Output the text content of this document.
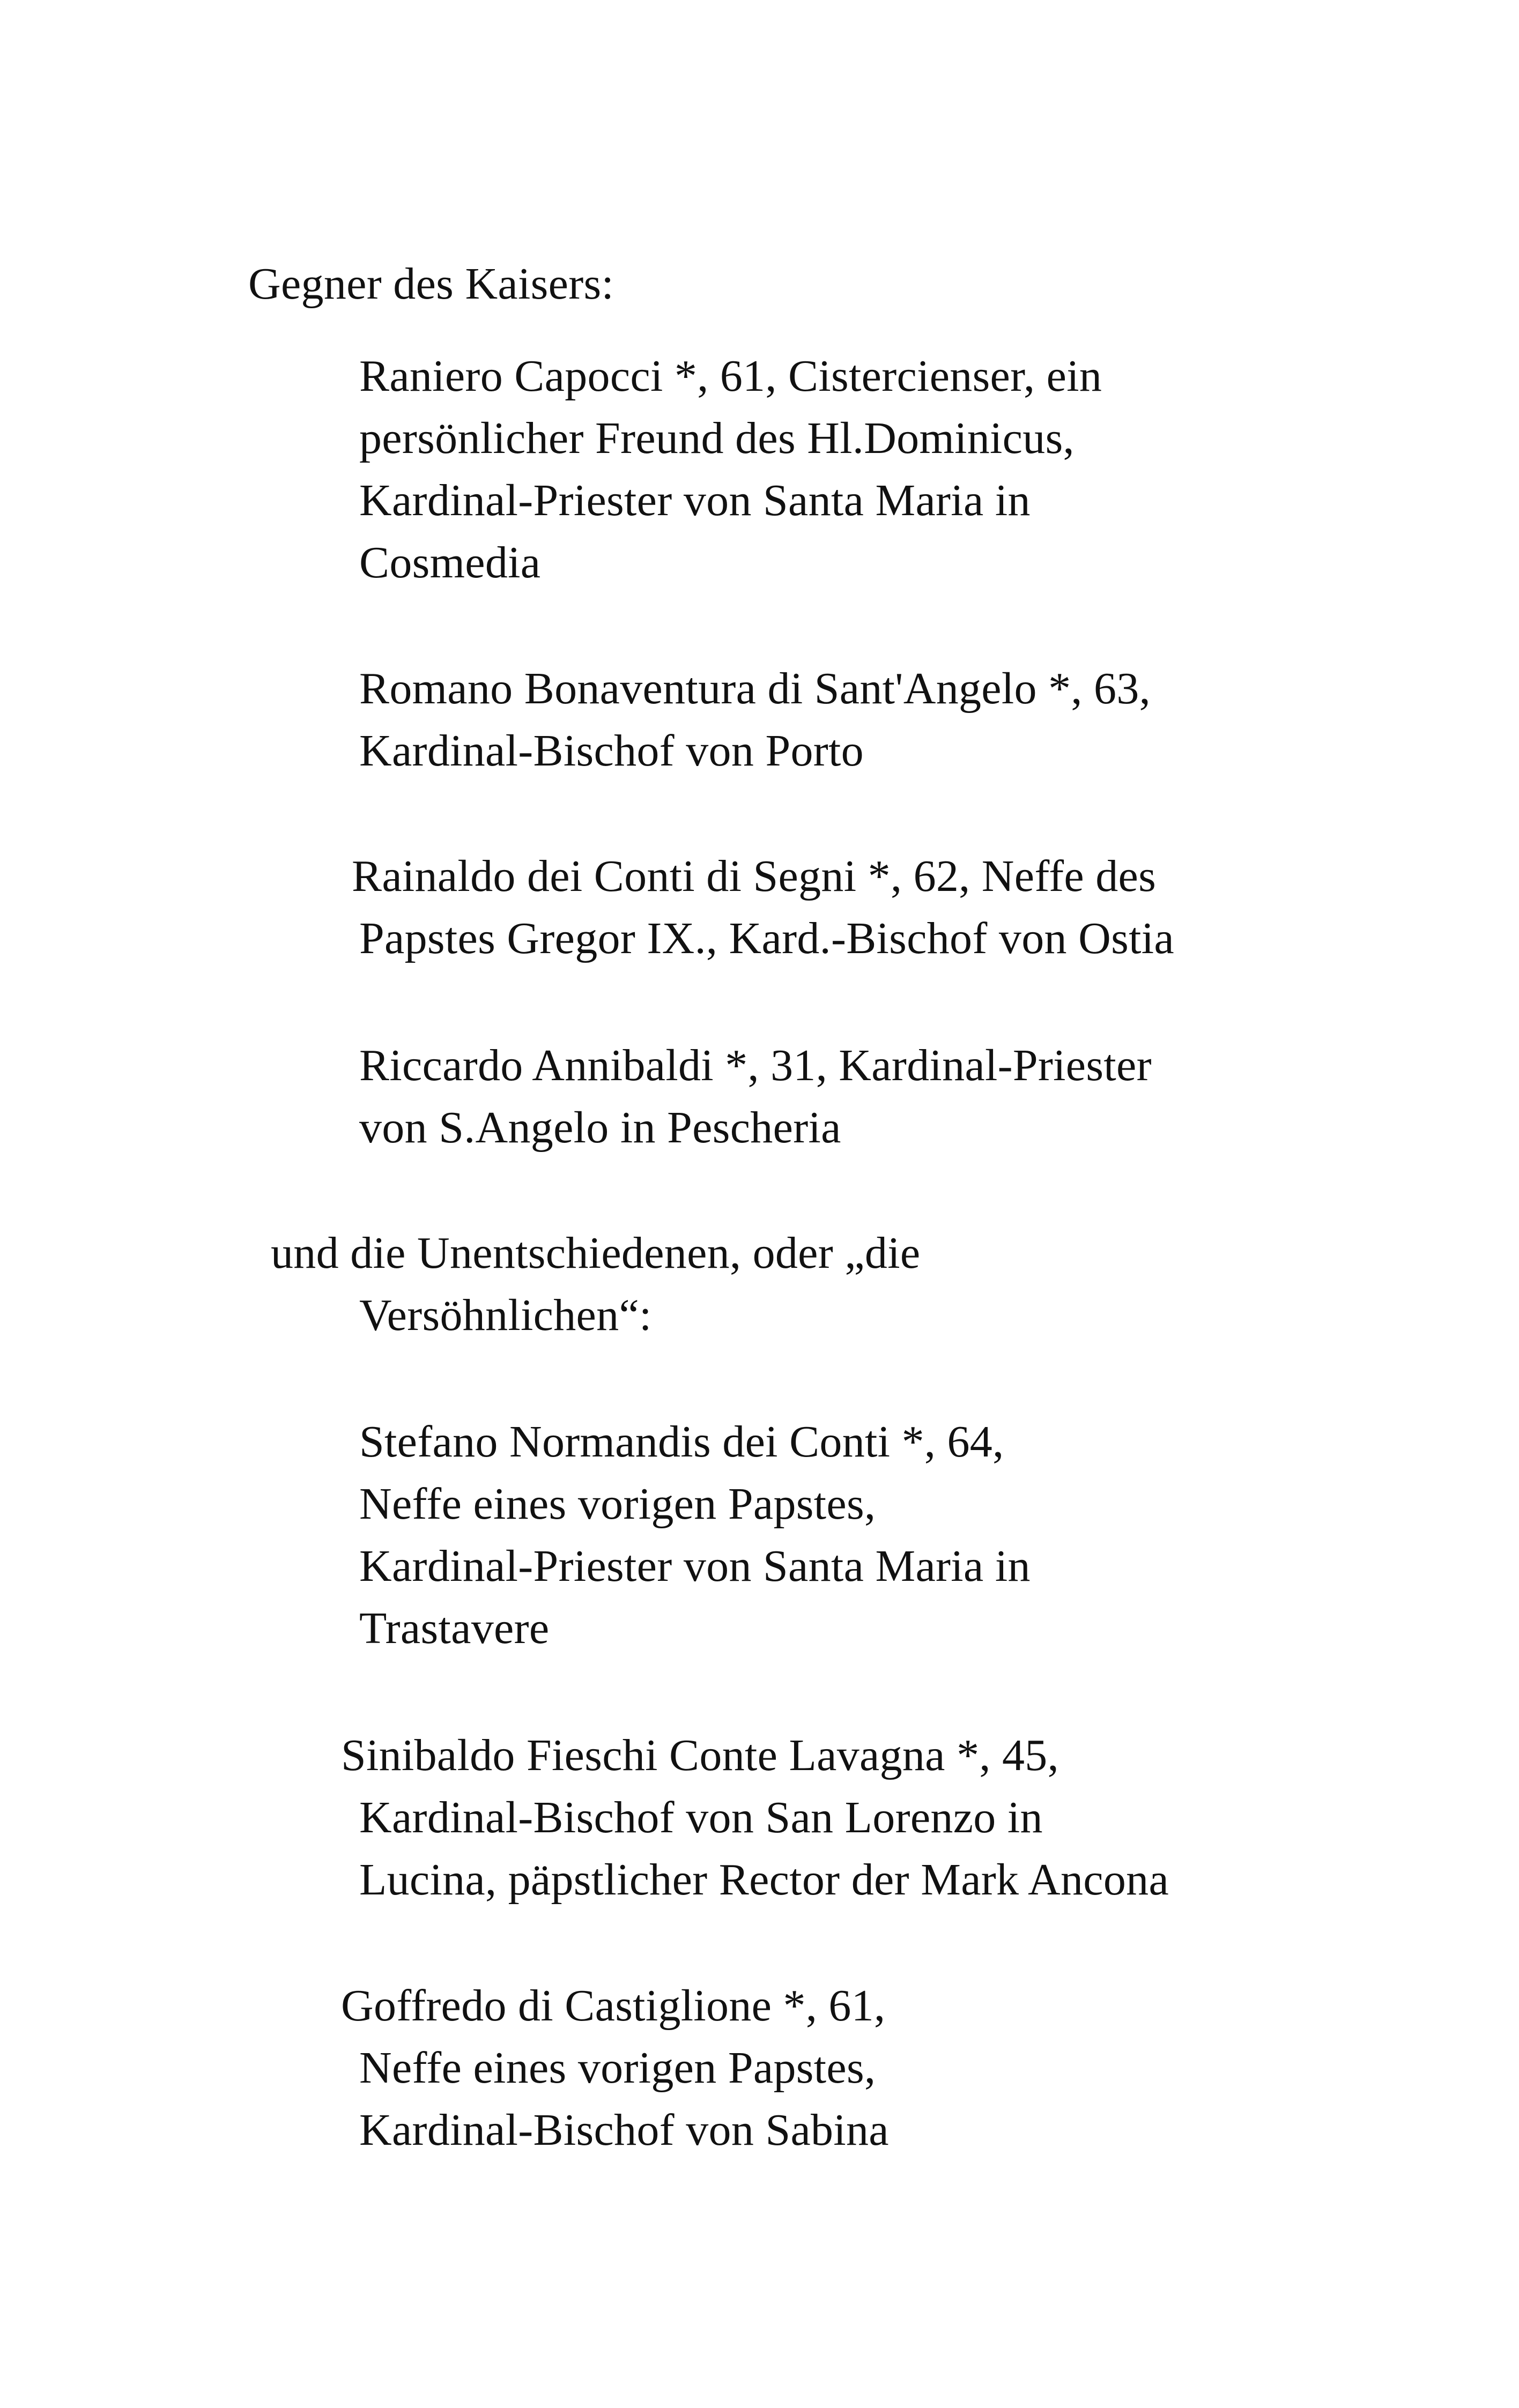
Gegner des Kaisers:
Raniero Capocci *, 61, Cistercienser, ein
persönlicher Freund des Hl.Dominicus,
Kardinal-Priester von Santa Maria in
Cosmedia
Romano Bonaventura di Sant'Angelo *, 63,
Kardinal-Bischof von Porto
Rainaldo dei Conti di Segni *, 62, Neffe des
Papstes Gregor IX., Kard.-Bischof von Ostia
Riccardo Annibaldi *, 31, Kardinal-Priester
von S.Angelo in Pescheria
und die Unentschiedenen, oder „die
Versöhnlichen“:
Stefano Normandis dei Conti *, 64,
Neffe eines vorigen Papstes,
Kardinal-Priester von Santa Maria in
Trastavere
Sinibaldo Fieschi Conte Lavagna *, 45,
Kardinal-Bischof von San Lorenzo in
Lucina, päpstlicher Rector der Mark Ancona
Goffredo di Castiglione *, 61,
Neffe eines vorigen Papstes,
Kardinal-Bischof von Sabina
